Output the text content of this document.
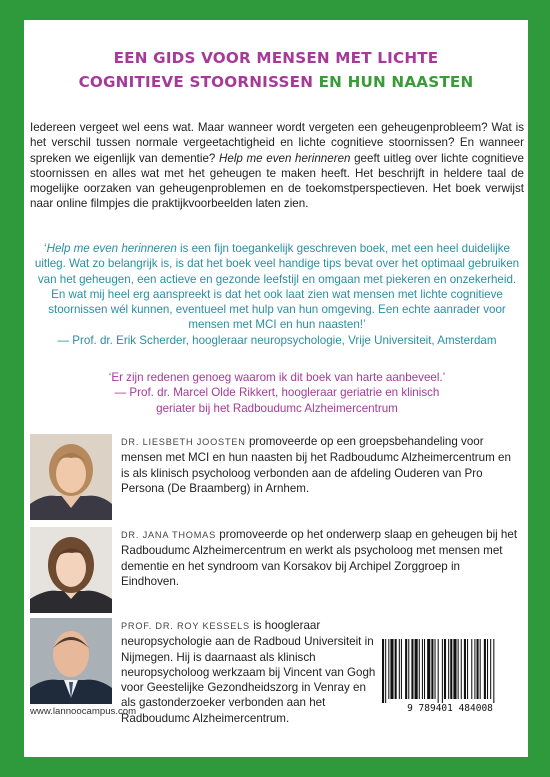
EEN GIDS VOOR MENSEN MET LICHTE
COGNITIEVE STOORNISSEN EN HUN NAASTEN
Iedereen vergeet wel eens wat. Maar wanneer wordt vergeten een geheugenprobleem? Wat is het verschil tussen normale vergeetachtigheid en lichte cognitieve stoornissen? En wanneer spreken we eigenlijk van dementie? Help me even herinneren geeft uitleg over lichte cognitieve stoornissen en alles wat met het geheugen te maken heeft. Het beschrijft in heldere taal de mogelijke oorzaken van geheugenproblemen en de toekomstperspectieven. Het boek verwijst naar online filmpjes die praktijkvoorbeelden laten zien.
‘Help me even herinneren is een fijn toegankelijk geschreven boek, met een heel duidelijke uitleg. Wat zo belangrijk is, is dat het boek veel handige tips bevat over het optimaal gebruiken van het geheugen, een actieve en gezonde leefstijl en omgaan met piekeren en onzekerheid. En wat mij heel erg aanspreekt is dat het ook laat zien wat mensen met lichte cognitieve stoornissen wél kunnen, eventueel met hulp van hun omgeving. Een echte aanrader voor mensen met MCI en hun naasten!’
— Prof. dr. Erik Scherder, hoogleraar neuropsychologie, Vrije Universiteit, Amsterdam
‘Er zijn redenen genoeg waarom ik dit boek van harte aanbeveel.’
— Prof. dr. Marcel Olde Rikkert, hoogleraar geriatrie en klinisch
geriater bij het Radboudumc Alzheimercentrum
DR. LIESBETH JOOSTEN promoveerde op een groepsbehandeling voor mensen met MCI en hun naasten bij het Radboudumc Alzheimercentrum en is als klinisch psycholoog verbonden aan de afdeling Ouderen van Pro Persona (De Braamberg) in Arnhem.
DR. JANA THOMAS promoveerde op het onderwerp slaap en geheugen bij het Radboudumc Alzheimercentrum en werkt als psycholoog met mensen met dementie en het syndroom van Korsakov bij Archipel Zorggroep in Eindhoven.
PROF. DR. ROY KESSELS is hoogleraar neuropsychologie aan de Radboud Universiteit in Nijmegen. Hij is daarnaast als klinisch neuropsycholoog werkzaam bij Vincent van Gogh voor Geestelijke Gezondheidszorg in Venray en als gastonderzoeker verbonden aan het Radboudumc Alzheimercentrum.
www.lannoocampus.com	9 789401 484008
